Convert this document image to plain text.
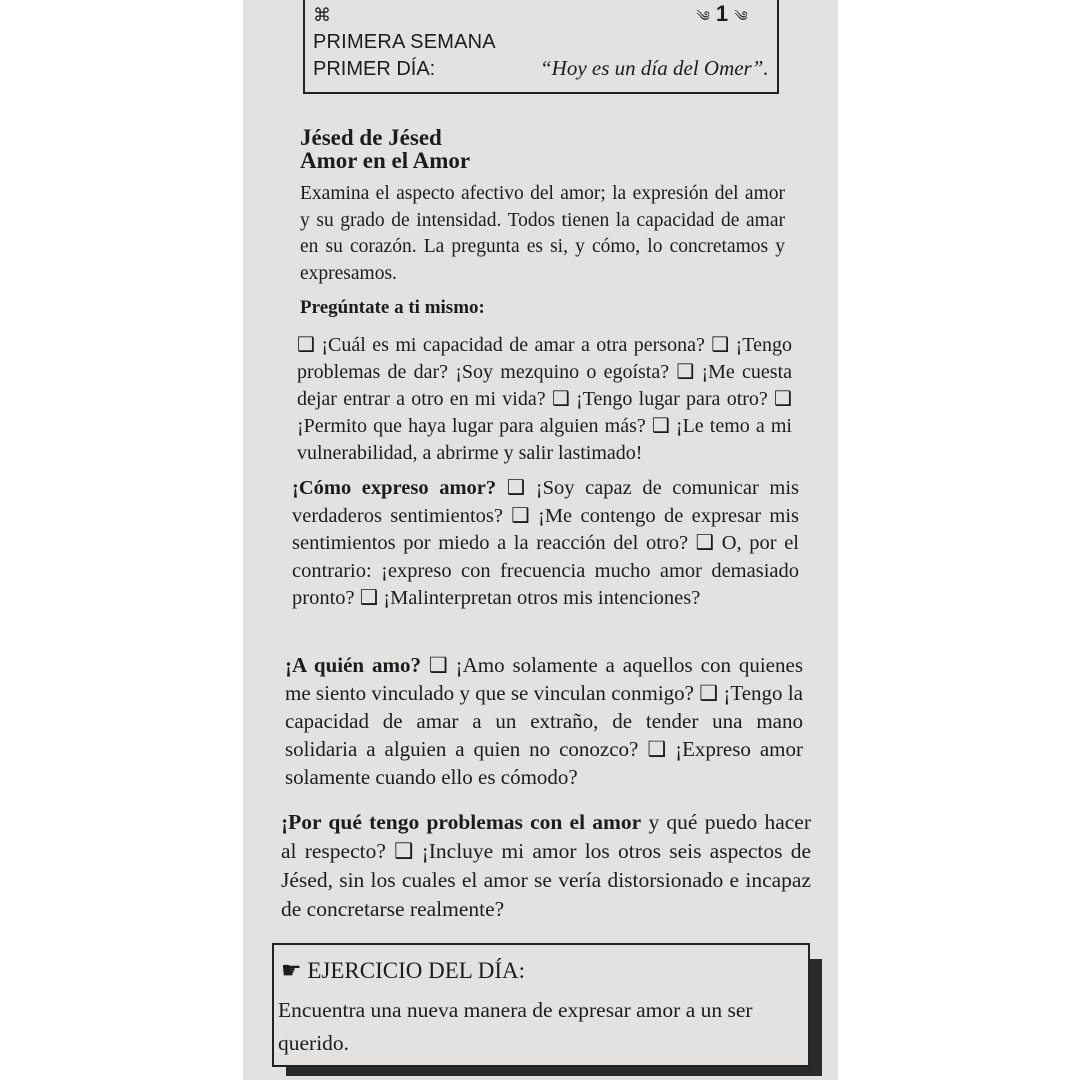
⌘	༄ 1 ༄
PRIMERA SEMANA
PRIMER DÍA:	“Hoy es un día del Omer”.
Jésed de Jésed
Amor en el Amor
Examina el aspecto afectivo del amor; la expresión del amor y su grado de intensidad. Todos tienen la capacidad de amar en su corazón. La pregunta es si, y cómo, lo concretamos y expresamos.
Pregúntate a ti mismo:
❑ ¡Cuál es mi capacidad de amar a otra persona? ❑ ¡Tengo problemas de dar? ¡Soy mezquino o egoísta? ❑ ¡Me cuesta dejar entrar a otro en mi vida? ❑ ¡Tengo lugar para otro? ❑ ¡Permito que haya lugar para alguien más? ❑ ¡Le temo a mi vulnerabilidad, a abrirme y salir lastimado!
¡Cómo expreso amor? ❑ ¡Soy capaz de comunicar mis verdaderos sentimientos? ❑ ¡Me contengo de expresar mis sentimientos por miedo a la reacción del otro? ❑ O, por el contrario: ¡expreso con frecuencia mucho amor demasiado pronto? ❑ ¡Malinterpretan otros mis intenciones?
¡A quién amo? ❑ ¡Amo solamente a aquellos con quienes me siento vinculado y que se vinculan conmigo? ❑ ¡Tengo la capacidad de amar a un extraño, de tender una mano solidaria a alguien a quien no conozco? ❑ ¡Expreso amor solamente cuando ello es cómodo?
¡Por qué tengo problemas con el amor y qué puedo hacer al respecto? ❑ ¡Incluye mi amor los otros seis aspectos de Jésed, sin los cuales el amor se vería distorsionado e incapaz de concretarse realmente?
☛ EJERCICIO DEL DÍA:
Encuentra una nueva manera de expresar amor a un ser querido.
